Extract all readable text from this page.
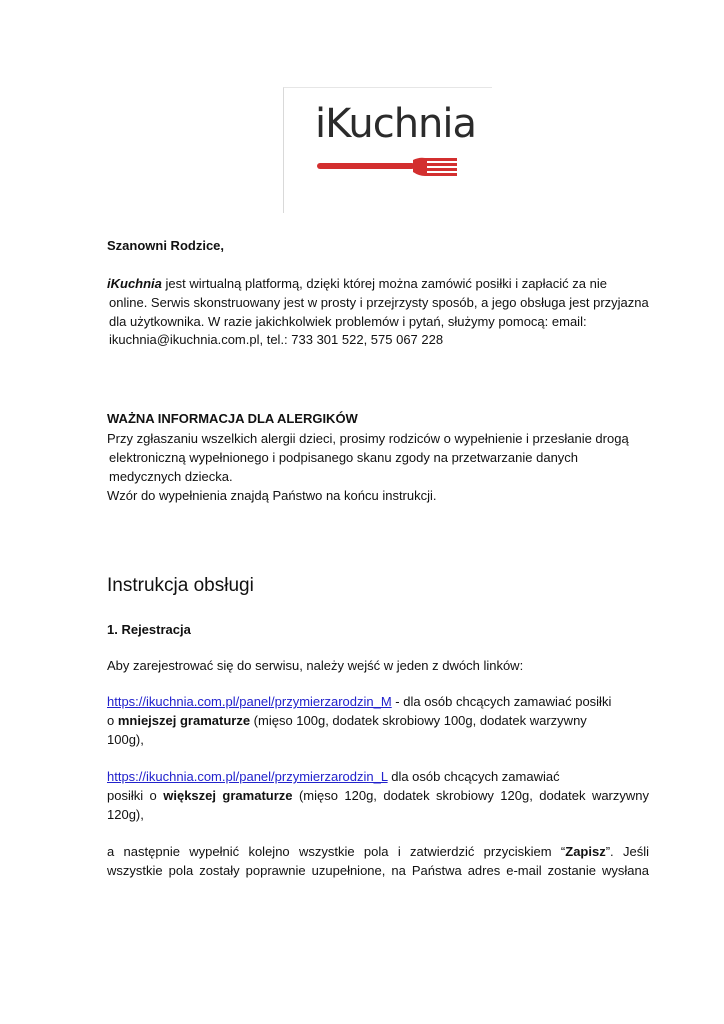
iKuchnia

Szanowni Rodzice,

iKuchnia jest wirtualną platformą, dzięki której można zamówić posiłki i zapłacić za nie

online. Serwis skonstruowany jest w prosty i przejrzysty sposób, a jego obsługa jest przyjazna

dla użytkownika. W razie jakichkolwiek problemów i pytań, służymy pomocą: email:

ikuchnia@ikuchnia.com.pl, tel.: 733 301 522, 575 067 228

WAŻNA INFORMACJA DLA ALERGIKÓW

Przy zgłaszaniu wszelkich alergii dzieci, prosimy rodziców o wypełnienie i przesłanie drogą

elektroniczną wypełnionego i podpisanego skanu zgody na przetwarzanie danych

medycznych dziecka.

Wzór do wypełnienia znajdą Państwo na końcu instrukcji.

Instrukcja obsługi

1. Rejestracja

Aby zarejestrować się do serwisu, należy wejść w jeden z dwóch linków:

https://ikuchnia.com.pl/panel/przymierzarodzin_M - dla osób chcących zamawiać posiłki

o mniejszej gramaturze (mięso 100g, dodatek skrobiowy 100g, dodatek warzywny

100g),

https://ikuchnia.com.pl/panel/przymierzarodzin_L dla osób chcących zamawiać

posiłki o większej gramaturze (mięso 120g, dodatek skrobiowy 120g, dodatek warzywny

120g),

a następnie wypełnić kolejno wszystkie pola i zatwierdzić przyciskiem “Zapisz”. Jeśli

wszystkie pola zostały poprawnie uzupełnione, na Państwa adres e-mail zostanie wysłana
